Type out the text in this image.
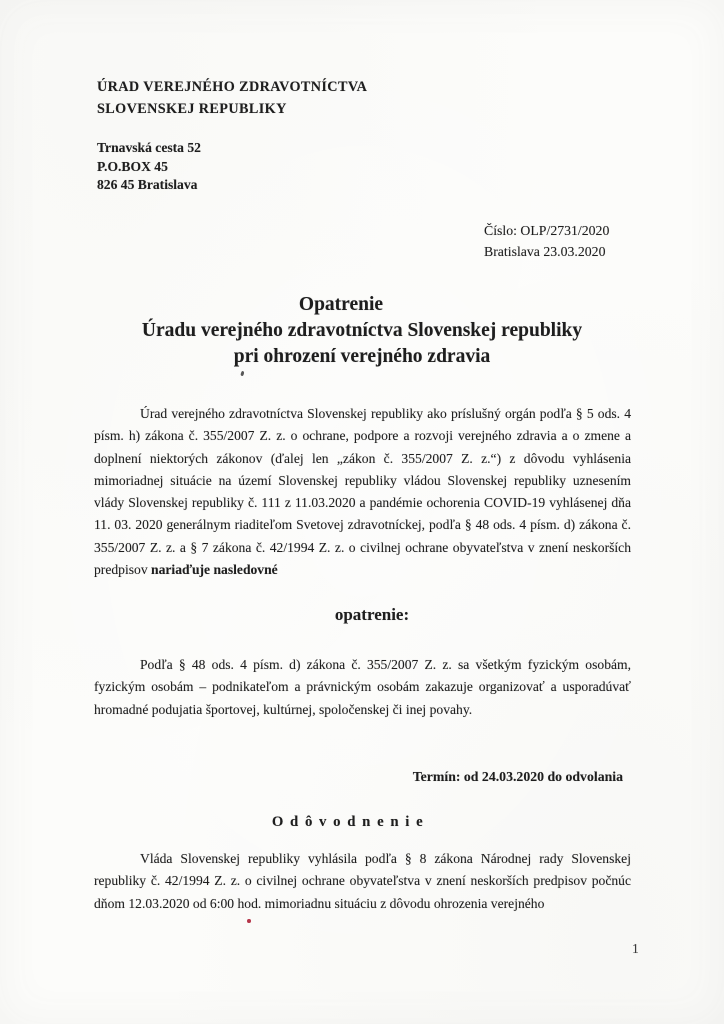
ÚRAD VEREJNÉHO ZDRAVOTNÍCTVA
SLOVENSKEJ REPUBLIKY
Trnavská cesta 52
P.O.BOX 45
826 45 Bratislava
Číslo: OLP/2731/2020
Bratislava 23.03.2020
Opatrenie
Úradu verejného zdravotníctva Slovenskej republiky
pri ohrození verejného zdravia

Úrad verejného zdravotníctva Slovenskej republiky ako príslušný orgán podľa § 5 ods. 4 písm. h) zákona č. 355/2007 Z. z. o ochrane, podpore a rozvoji verejného zdravia a o zmene a doplnení niektorých zákonov (ďalej len „zákon č. 355/2007 Z. z.“) z dôvodu vyhlásenia mimoriadnej situácie na území Slovenskej republiky vládou Slovenskej republiky uznesením vlády Slovenskej republiky č. 111 z 11.03.2020 a pandémie ochorenia COVID-19 vyhlásenej dňa 11. 03. 2020 generálnym riaditeľom Svetovej zdravotníckej, podľa § 48 ods. 4 písm. d) zákona č. 355/2007 Z. z. a § 7 zákona č. 42/1994 Z. z. o civilnej ochrane obyvateľstva v znení neskorších predpisov nariaďuje nasledovné

opatrenie:

Podľa § 48 ods. 4 písm. d) zákona č. 355/2007 Z. z. sa všetkým fyzickým osobám, fyzickým osobám – podnikateľom a právnickým osobám zakazuje organizovať a usporadúvať hromadné podujatia športovej, kultúrnej, spoločenskej či inej povahy.

Termín: od 24.03.2020 do odvolania
O d ô v o d n e n i e

Vláda Slovenskej republiky vyhlásila podľa § 8 zákona Národnej rady Slovenskej republiky č. 42/1994 Z. z. o civilnej ochrane obyvateľstva v znení neskorších predpisov počnúc dňom 12.03.2020 od 6:00 hod. mimoriadnu situáciu z dôvodu ohrozenia verejného

1
